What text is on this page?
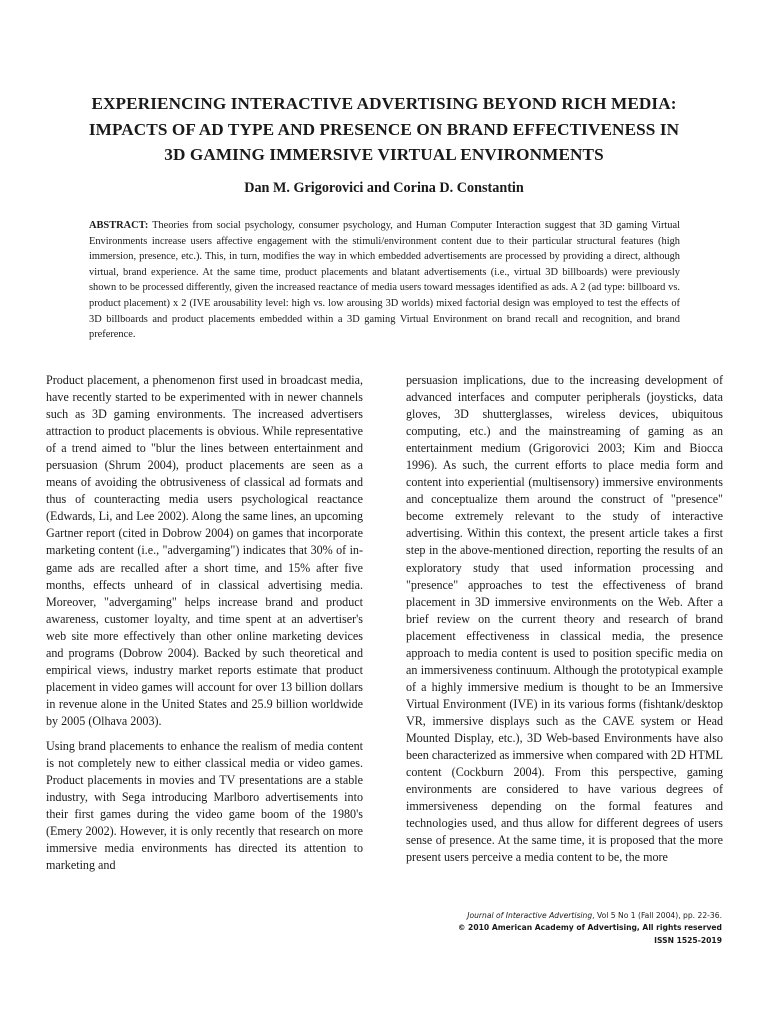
EXPERIENCING INTERACTIVE ADVERTISING BEYOND RICH MEDIA:
IMPACTS OF AD TYPE AND PRESENCE ON BRAND EFFECTIVENESS IN
3D GAMING IMMERSIVE VIRTUAL ENVIRONMENTS
Dan M. Grigorovici and Corina D. Constantin
ABSTRACT: Theories from social psychology, consumer psychology, and Human Computer Interaction suggest that 3D gaming Virtual Environments increase users affective engagement with the stimuli/environment content due to their particular structural features (high immersion, presence, etc.). This, in turn, modifies the way in which embedded advertisements are processed by providing a direct, although virtual, brand experience. At the same time, product placements and blatant advertisements (i.e., virtual 3D billboards) were previously shown to be processed differently, given the increased reactance of media users toward messages identified as ads. A 2 (ad type: billboard vs. product placement) x 2 (IVE arousability level: high vs. low arousing 3D worlds) mixed factorial design was employed to test the effects of 3D billboards and product placements embedded within a 3D gaming Virtual Environment on brand recall and recognition, and brand preference.

Product placement, a phenomenon first used in broadcast media, have recently started to be experimented with in newer channels such as 3D gaming environments. The increased advertisers attraction to product placements is obvious. While representative of a trend aimed to "blur the lines between entertainment and persuasion (Shrum 2004), product placements are seen as a means of avoiding the obtrusiveness of classical ad formats and thus of counteracting media users psychological reactance (Edwards, Li, and Lee 2002). Along the same lines, an upcoming Gartner report (cited in Dobrow 2004) on games that incorporate marketing content (i.e., "advergaming") indicates that 30% of in-game ads are recalled after a short time, and 15% after five months, effects unheard of in classical advertising media. Moreover, "advergaming" helps increase brand and product awareness, customer loyalty, and time spent at an advertiser's web site more effectively than other online marketing devices and programs (Dobrow 2004). Backed by such theoretical and empirical views, industry market reports estimate that product placement in video games will account for over 13 billion dollars in revenue alone in the United States and 25.9 billion worldwide by 2005 (Olhava 2003).

Using brand placements to enhance the realism of media content is not completely new to either classical media or video games. Product placements in movies and TV presentations are a stable industry, with Sega introducing Marlboro advertisements into their first games during the video game boom of the 1980's (Emery 2002). However, it is only recently that research on more immersive media environments has directed its attention to marketing and

persuasion implications, due to the increasing development of advanced interfaces and computer peripherals (joysticks, data gloves, 3D shutterglasses, wireless devices, ubiquitous computing, etc.) and the mainstreaming of gaming as an entertainment medium (Grigorovici 2003; Kim and Biocca 1996). As such, the current efforts to place media form and content into experiential (multisensory) immersive environments and conceptualize them around the construct of "presence" become extremely relevant to the study of interactive advertising. Within this context, the present article takes a first step in the above-mentioned direction, reporting the results of an exploratory study that used information processing and "presence" approaches to test the effectiveness of brand placement in 3D immersive environments on the Web. After a brief review on the current theory and research of brand placement effectiveness in classical media, the presence approach to media content is used to position specific media on an immersiveness continuum. Although the prototypical example of a highly immersive medium is thought to be an Immersive Virtual Environment (IVE) in its various forms (fishtank/desktop VR, immersive displays such as the CAVE system or Head Mounted Display, etc.), 3D Web-based Environments have also been characterized as immersive when compared with 2D HTML content (Cockburn 2004). From this perspective, gaming environments are considered to have various degrees of immersiveness depending on the formal features and technologies used, and thus allow for different degrees of users sense of presence. At the same time, it is proposed that the more present users perceive a media content to be, the more

Journal of Interactive Advertising, Vol 5 No 1 (Fall 2004), pp. 22-36.
© 2010 American Academy of Advertising, All rights reserved
ISSN 1525-2019
